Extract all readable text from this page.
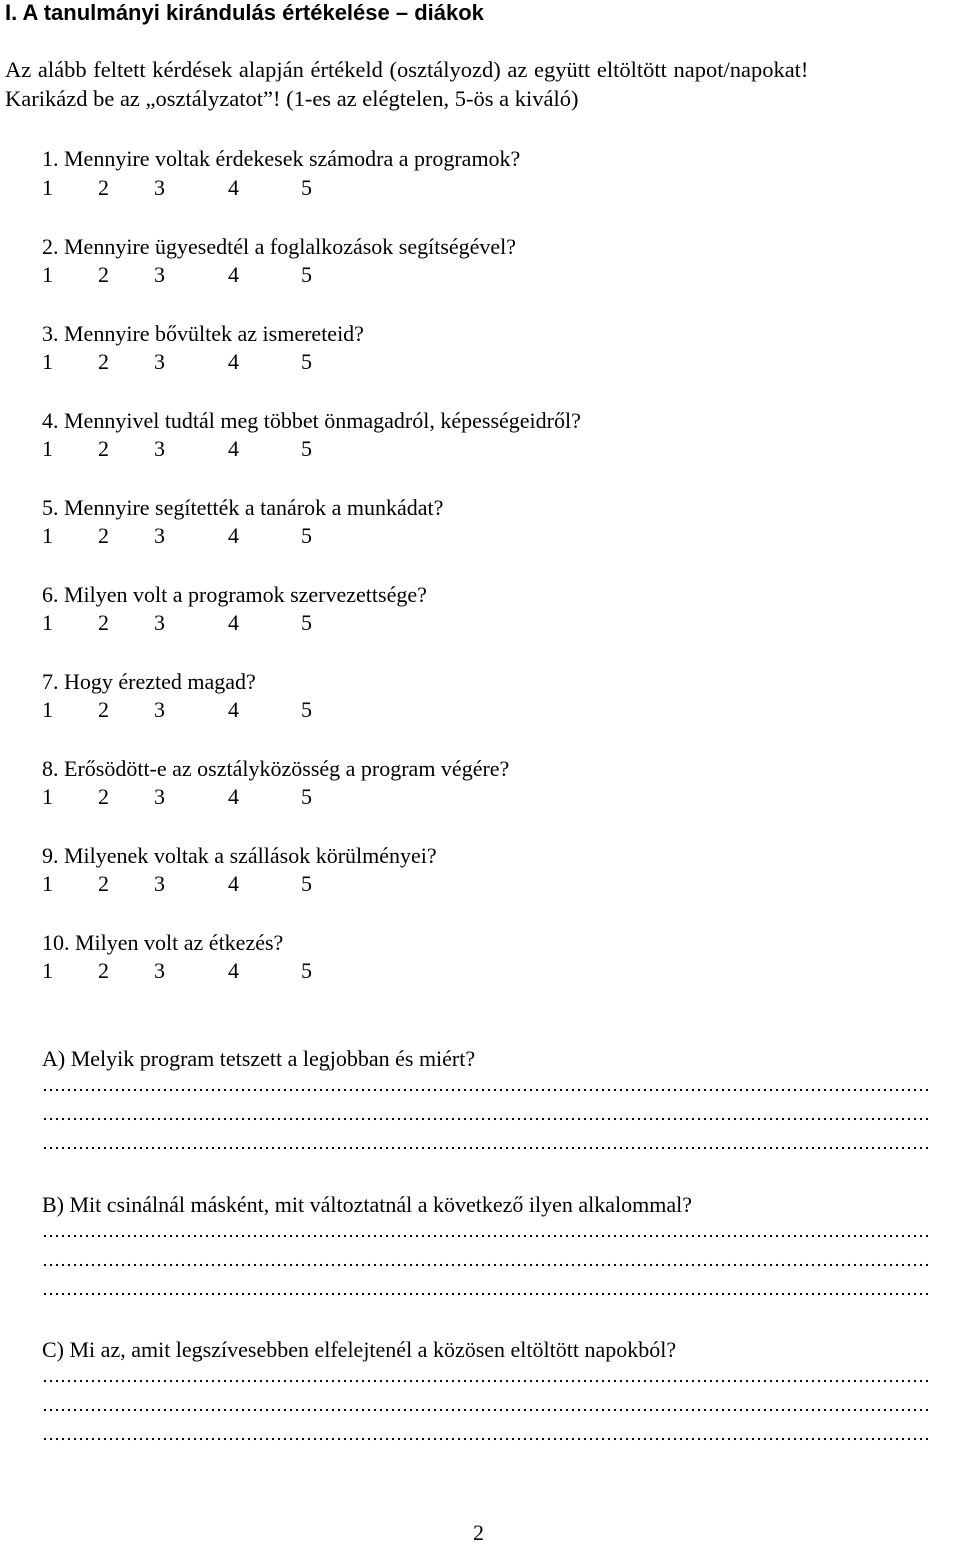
I. A tanulmányi kirándulás értékelése – diákok
Az alább feltett kérdések alapján értékeld (osztályozd) az együtt eltöltött napot/napokat!
Karikázd be az „osztályzatot”! (1-es az elégtelen, 5-ös a kiváló)
1. Mennyire voltak érdekesek számodra a programok?
1	2	3	4	5
2. Mennyire ügyesedtél a foglalkozások segítségével?
1	2	3	4	5
3. Mennyire bővültek az ismereteid?
1	2	3	4	5
4. Mennyivel tudtál meg többet önmagadról, képességeidről?
1	2	3	4	5
5. Mennyire segítették a tanárok a munkádat?
1	2	3	4	5
6. Milyen volt a programok szervezettsége?
1	2	3	4	5
7. Hogy érezted magad?
1	2	3	4	5
8. Erősödött-e az osztályközösség a program végére?
1	2	3	4	5
9. Milyenek voltak a szállások körülményei?
1	2	3	4	5
10. Milyen volt az étkezés?
1	2	3	4	5
A) Melyik program tetszett a legjobban és miért?
B) Mit csinálnál másként, mit változtatnál a következő ilyen alkalommal?
C) Mi az, amit legszívesebben elfelejtenél a közösen eltöltött napokból?
2
